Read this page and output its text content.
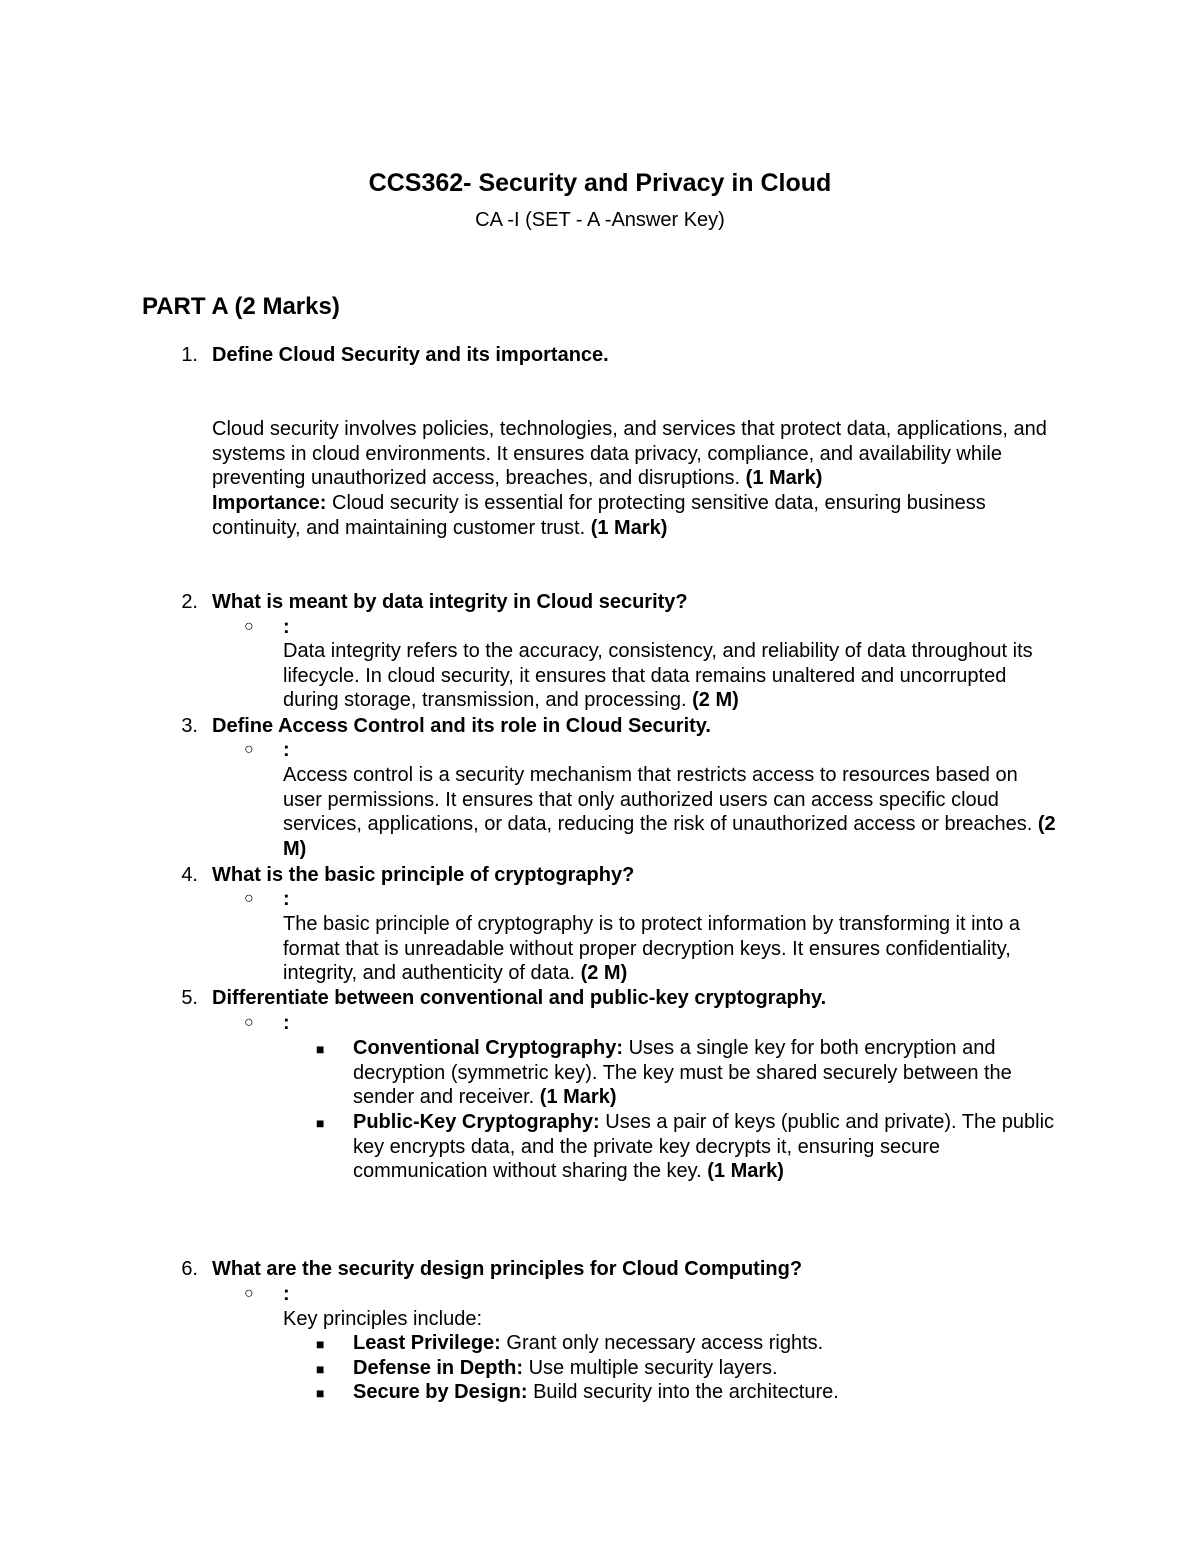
CCS362- Security and Privacy in Cloud
CA -I (SET - A -Answer Key)
PART A (2 Marks)
1. Define Cloud Security and its importance.
Cloud security involves policies, technologies, and services that protect data, applications, and systems in cloud environments. It ensures data privacy, compliance, and availability while preventing unauthorized access, breaches, and disruptions. (1 Mark)
Importance: Cloud security is essential for protecting sensitive data, ensuring business continuity, and maintaining customer trust. (1 Mark)
2. What is meant by data integrity in Cloud security?
○ :
Data integrity refers to the accuracy, consistency, and reliability of data throughout its lifecycle. In cloud security, it ensures that data remains unaltered and uncorrupted during storage, transmission, and processing. (2 M)
3. Define Access Control and its role in Cloud Security.
○ :
Access control is a security mechanism that restricts access to resources based on user permissions. It ensures that only authorized users can access specific cloud services, applications, or data, reducing the risk of unauthorized access or breaches. (2 M)
4. What is the basic principle of cryptography?
○ :
The basic principle of cryptography is to protect information by transforming it into a format that is unreadable without proper decryption keys. It ensures confidentiality, integrity, and authenticity of data. (2 M)
5. Differentiate between conventional and public-key cryptography.
○ :
■ Conventional Cryptography: Uses a single key for both encryption and decryption (symmetric key). The key must be shared securely between the sender and receiver. (1 Mark)
■ Public-Key Cryptography: Uses a pair of keys (public and private). The public key encrypts data, and the private key decrypts it, ensuring secure communication without sharing the key. (1 Mark)
6. What are the security design principles for Cloud Computing?
○ :
Key principles include:
■ Least Privilege: Grant only necessary access rights.
■ Defense in Depth: Use multiple security layers.
■ Secure by Design: Build security into the architecture.
